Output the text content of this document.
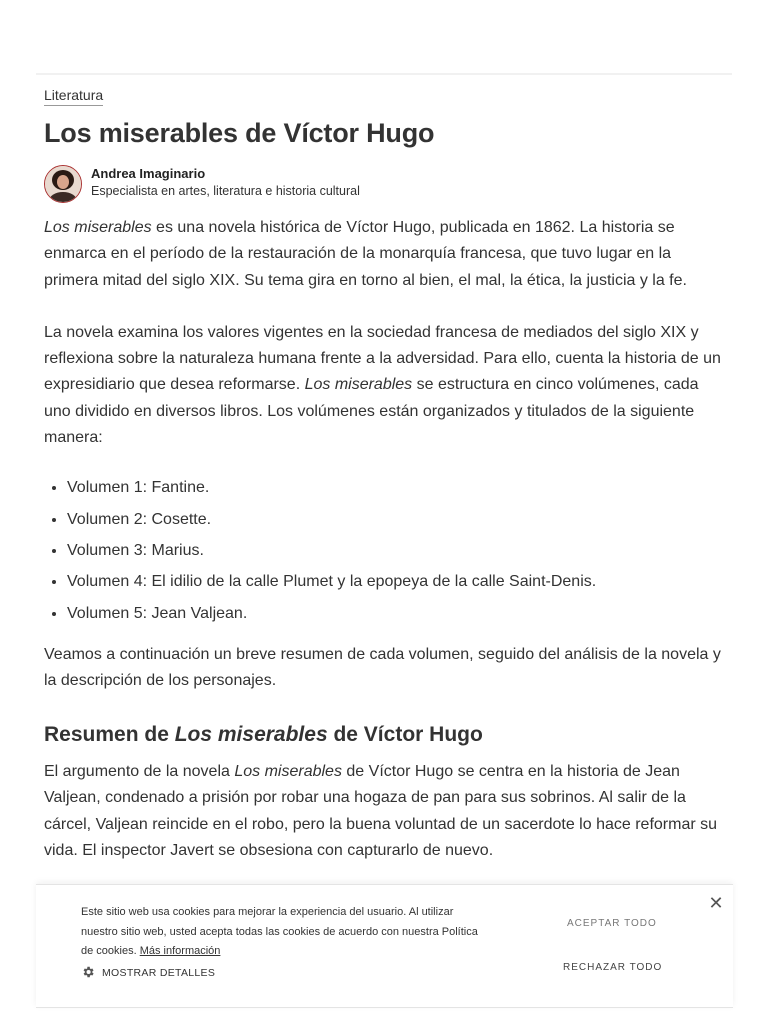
Literatura
Los miserables de Víctor Hugo
Andrea Imaginario
Especialista en artes, literatura e historia cultural

Los miserables es una novela histórica de Víctor Hugo, publicada en 1862. La historia se enmarca en el período de la restauración de la monarquía francesa, que tuvo lugar en la primera mitad del siglo XIX. Su tema gira en torno al bien, el mal, la ética, la justicia y la fe.

La novela examina los valores vigentes en la sociedad francesa de mediados del siglo XIX y reflexiona sobre la naturaleza humana frente a la adversidad. Para ello, cuenta la historia de un expresidiario que desea reformarse. Los miserables se estructura en cinco volúmenes, cada uno dividido en diversos libros. Los volúmenes están organizados y titulados de la siguiente manera:

• Volumen 1: Fantine.
• Volumen 2: Cosette.
• Volumen 3: Marius.
• Volumen 4: El idilio de la calle Plumet y la epopeya de la calle Saint-Denis.
• Volumen 5: Jean Valjean.

Veamos a continuación un breve resumen de cada volumen, seguido del análisis de la novela y la descripción de los personajes.

Resumen de Los miserables de Víctor Hugo

El argumento de la novela Los miserables de Víctor Hugo se centra en la historia de Jean Valjean, condenado a prisión por robar una hogaza de pan para sus sobrinos. Al salir de la cárcel, Valjean reincide en el robo, pero la buena voluntad de un sacerdote lo hace reformar su vida. El inspector Javert se obsesiona con capturarlo de nuevo.

Este sitio web usa cookies para mejorar la experiencia del usuario. Al utilizar nuestro sitio web, usted acepta todas las cookies de acuerdo con nuestra Política de cookies. Más información
MOSTRAR DETALLES
ACEPTAR TODO
RECHAZAR TODO
✕
